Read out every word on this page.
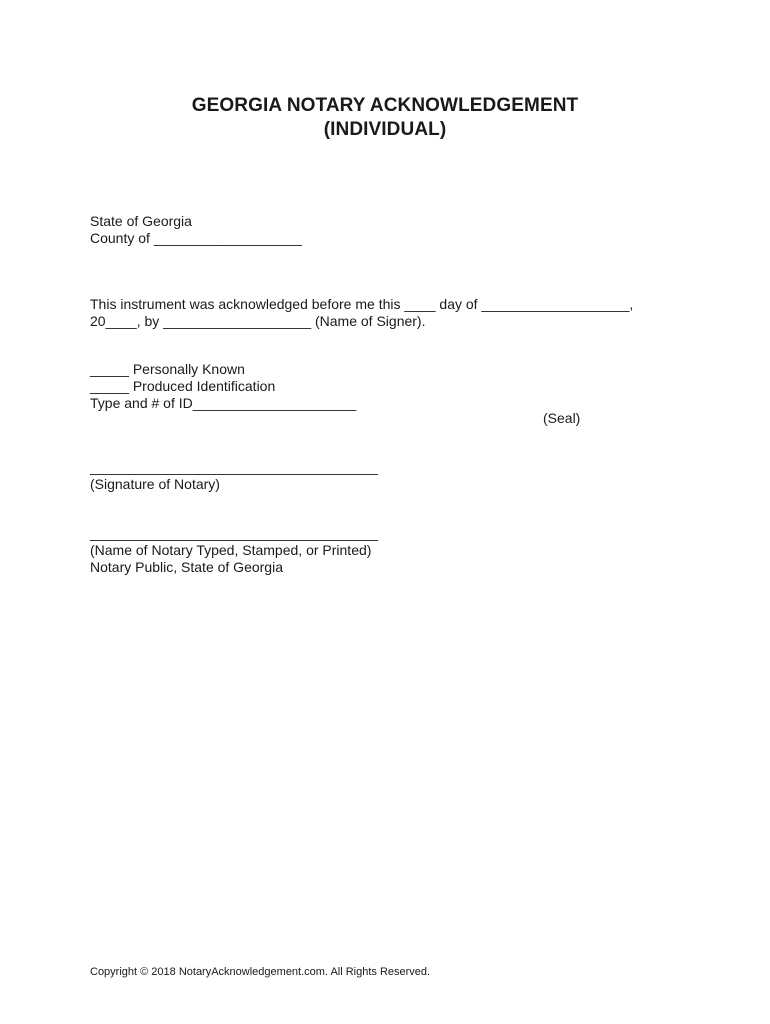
GEORGIA NOTARY ACKNOWLEDGEMENT
(INDIVIDUAL)
State of Georgia
County of ___________________
This instrument was acknowledged before me this ____ day of ___________________,
20____, by ___________________ (Name of Signer).
_____ Personally Known
_____ Produced Identification
Type and # of ID_____________________
(Seal)
_____________________________________
(Signature of Notary)
_____________________________________
(Name of Notary Typed, Stamped, or Printed)
Notary Public, State of Georgia
Copyright © 2018 NotaryAcknowledgement.com. All Rights Reserved.
